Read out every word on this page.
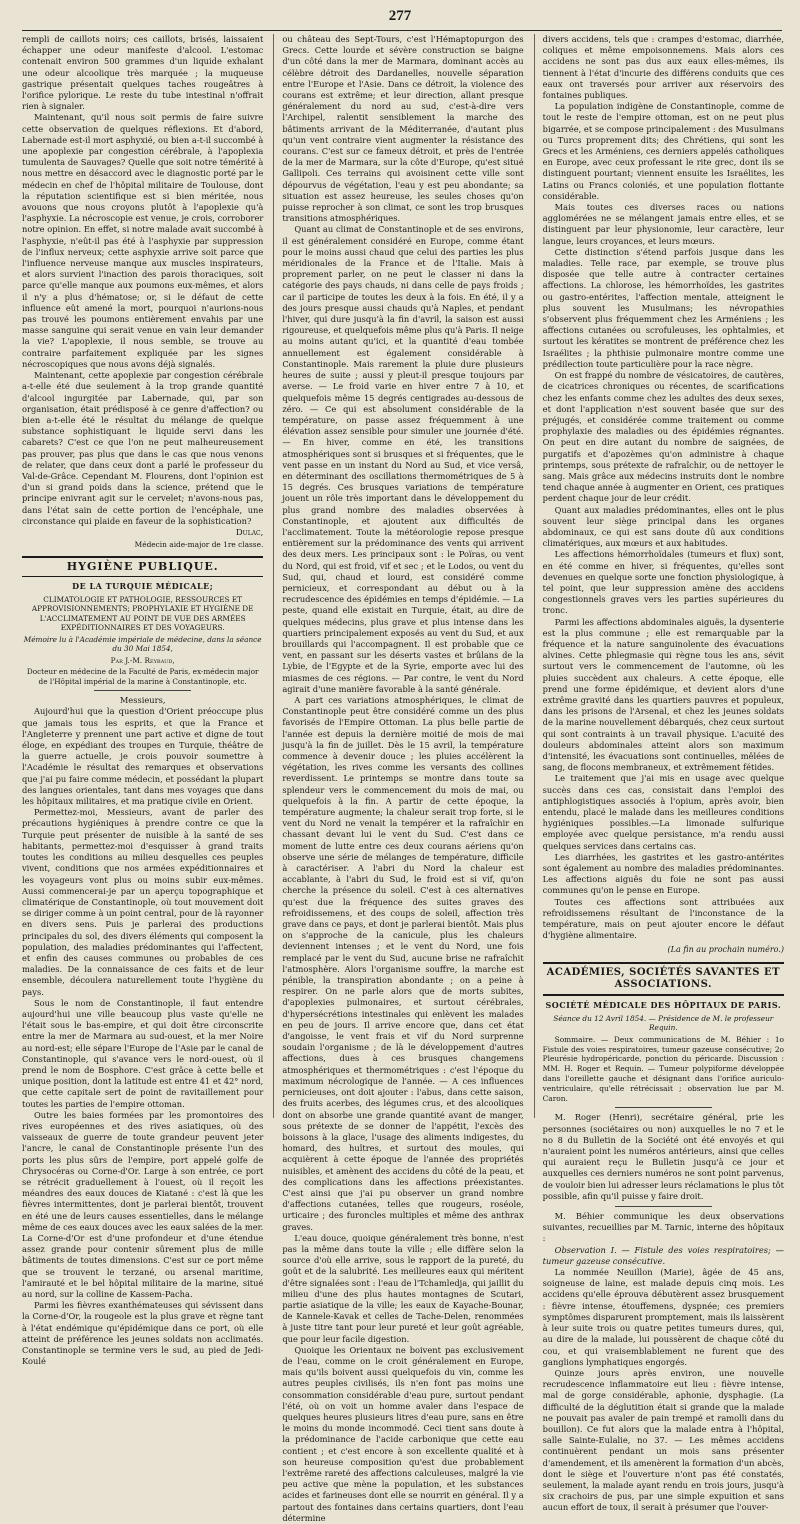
277

rempli de caillots noirs; ces caillots, brisés, laissaient échapper une odeur manifeste d'alcool. L'estomac contenait environ 500 grammes d'un liquide exhalant une odeur alcoolique très marquée ; la muqueuse gastrique présentait quelques taches rougeâtres à l'orifice pylorique. Le reste du tube intestinal n'offrait rien à signaler.

Maintenant, qu'il nous soit permis de faire suivre cette observation de quelques réflexions. Et d'abord, Labernade est-il mort asphyxié, ou bien a-t-il succombé à une apoplexie par congestion cérébrale, à l'apoplexia tumulenta de Sauvages? Quelle que soit notre témérité à nous mettre en désaccord avec le diagnostic porté par le médecin en chef de l'hôpital militaire de Toulouse, dont la réputation scientifique est si bien méritée, nous avouons que nous croyons plutôt à l'apoplexie qu'à l'asphyxie. La nécroscopie est venue, je crois, corroborer notre opinion. En effet, si notre malade avait succombé à l'asphyxie, n'eût-il pas été à l'asphyxie par suppression de l'influx nerveux; cette asphyxie arrive soit parce que l'influence nerveuse manque aux muscles inspirateurs, et alors survient l'inaction des parois thoraciques, soit parce qu'elle manque aux poumons eux-mêmes, et alors il n'y a plus d'hématose; or, si le défaut de cette influence eût amené la mort, pourquoi n'aurions-nous pas trouvé les poumons entièrement envahis par une masse sanguine qui serait venue en vain leur demander la vie? L'apoplexie, il nous semble, se trouve au contraire parfaitement expliquée par les signes nécroscopiques que nous avons déjà signalés.

Maintenant, cette apoplexie par congestion cérébrale a-t-elle été due seulement à la trop grande quantité d'alcool ingurgitée par Labernade, qui, par son organisation, était prédisposé à ce genre d'affection? ou bien a-t-elle été le résultat du mélange de quelque substance sophistiquant le liquide servi dans les cabarets? C'est ce que l'on ne peut malheureusement pas prouver, pas plus que dans le cas que nous venons de relater, que dans ceux dont a parlé le professeur du Val-de-Grâce. Cependant M. Flourens, dont l'opinion est d'un si grand poids dans la science, prétend que le principe enivrant agit sur le cervelet; n'avons-nous pas, dans l'état sain de cette portion de l'encéphale, une circonstance qui plaide en faveur de la sophistication?

Dulac,

Médecin aide-major de 1re classe.

HYGIÈNE PUBLIQUE.
DE LA TURQUIE MÉDICALE;
CLIMATOLOGIE ET PATHOLOGIE, RESSOURCES ET APPROVISIONNEMENTS; PROPHYLAXIE ET HYGIÈNE DE L'ACCLIMATEMENT AU POINT DE VUE DES ARMÉES EXPÉDITIONNAIRES ET DES VOYAGEURS.
Mémoire lu à l'Académie impériale de médecine, dans la séance du 30 Mai 1854,
Par J.-M. Reybaud,
Docteur en médecine de la Faculté de Paris, ex-médecin major de l'Hôpital impérial de la marine à Constantinople, etc.

Messieurs,

Aujourd'hui que la question d'Orient préoccupe plus que jamais tous les esprits, et que la France et l'Angleterre y prennent une part active et digne de tout éloge, en expédiant des troupes en Turquie, théâtre de la guerre actuelle, je crois pouvoir soumettre à l'Académie le résultat des remarques et observations que j'ai pu faire comme médecin, et possédant la plupart des langues orientales, tant dans mes voyages que dans les hôpitaux militaires, et ma pratique civile en Orient.

Permettez-moi, Messieurs, avant de parler des précautions hygiéniques à prendre contre ce que la Turquie peut présenter de nuisible à la santé de ses habitants, permettez-moi d'esquisser à grand traits toutes les conditions au milieu desquelles ces peuples vivent, conditions que nos armées expéditionnaires et les voyageurs vont plus ou moins subir eux-mêmes. Aussi commencerai-je par un aperçu topographique et climatérique de Constantinople, où tout mouvement doit se diriger comme à un point central, pour de là rayonner en divers sens. Puis je parlerai des productions principales du sol, des divers éléments qui composent la population, des maladies prédominantes qui l'affectent, et enfin des causes communes ou probables de ces maladies. De la connaissance de ces faits et de leur ensemble, découlera naturellement toute l'hygiène du pays.

Sous le nom de Constantinople, il faut entendre aujourd'hui une ville beaucoup plus vaste qu'elle ne l'était sous le bas-empire, et qui doit être circonscrite entre la mer de Marmara au sud-ouest, et la mer Noire au nord-est; elle sépare l'Europe de l'Asie par le canal de Constantinople, qui s'avance vers le nord-ouest, où il prend le nom de Bosphore. C'est grâce à cette belle et unique position, dont la latitude est entre 41 et 42° nord, que cette capitale sert de point de ravitaillement pour toutes les parties de l'empire ottoman.

Outre les baies formées par les promontoires des rives européennes et des rives asiatiques, où des vaisseaux de guerre de toute grandeur peuvent jeter l'ancre, le canal de Constantinople présente l'un des ports les plus sûrs de l'empire, port appelé golfe de Chrysocéras ou Corne-d'Or. Large à son entrée, ce port se rétrécit graduellement à l'ouest, où il reçoit les méandres des eaux douces de Kiatané : c'est là que les fièvres intermittentes, dont je parlerai bientôt, trouvent en été une de leurs causes essentielles, dans le mélange même de ces eaux douces avec les eaux salées de la mer. La Corne-d'Or est d'une profondeur et d'une étendue assez grande pour contenir sûrement plus de mille bâtiments de toutes dimensions. C'est sur ce port même que se trouvent le terzané, ou arsenal maritime, l'amirauté et le bel hôpital militaire de la marine, situé au nord, sur la colline de Kassem-Pacha.

Parmi les fièvres exanthémateuses qui sévissent dans la Corne-d'Or, la rougeole est la plus grave et règne tant à l'état endémique qu'épidémique dans ce port, où elle atteint de préférence les jeunes soldats non acclimatés. Constantinople se termine vers le sud, au pied de Jedi-Koulé

ou château des Sept-Tours, c'est l'Hémaptopurgon des Grecs. Cette lourde et sévère construction se baigne d'un côté dans la mer de Marmara, dominant accès au célèbre détroit des Dardanelles, nouvelle séparation entre l'Europe et l'Asie. Dans ce détroit, la violence des courans est extrême; et leur direction, allant presque généralement du nord au sud, c'est-à-dire vers l'Archipel, ralentit sensiblement la marche des bâtiments arrivant de la Méditerranée, d'autant plus qu'un vent contraire vient augmenter la résistance des courans. C'est sur ce fameux détroit, et près de l'entrée de la mer de Marmara, sur la côte d'Europe, qu'est situé Gallipoli. Ces terrains qui avoisinent cette ville sont dépourvus de végétation, l'eau y est peu abondante; sa situation est assez heureuse, les seules choses qu'on puisse reprocher à son climat, ce sont les trop brusques transitions atmosphériques.

Quant au climat de Constantinople et de ses environs, il est généralement considéré en Europe, comme étant pour le moins aussi chaud que celui des parties les plus méridionales de la France et de l'Italie. Mais à proprement parler, on ne peut le classer ni dans la catégorie des pays chauds, ni dans celle de pays froids ; car il participe de toutes les deux à la fois. En été, il y a des jours presque aussi chauds qu'à Naples, et pendant l'hiver, qui dure jusqu'à la fin d'avril, la saison est aussi rigoureuse, et quelquefois même plus qu'à Paris. Il neige au moins autant qu'ici, et la quantité d'eau tombée annuellement est également considérable à Constantinople. Mais rarement la pluie dure plusieurs heures de suite ; aussi y pleut-il presque toujours par averse. — Le froid varie en hiver entre 7 à 10, et quelquefois même 15 degrés centigrades au-dessous de zéro. — Ce qui est absolument considérable de la température, on passe assez fréquemment à une élévation assez sensible pour simuler une journée d'été. — En hiver, comme en été, les transitions atmosphériques sont si brusques et si fréquentes, que le vent passe en un instant du Nord au Sud, et vice versâ, en déterminant des oscillations thermométriques de 5 à 15 degrés. Ces brusques variations de température jouent un rôle très important dans le développement du plus grand nombre des maladies observées à Constantinople, et ajoutent aux difficultés de l'acclimatement. Toute la météorologie repose presque entièrement sur la prédominance des vents qui arrivent des deux mers. Les principaux sont : le Poïras, ou vent du Nord, qui est froid, vif et sec ; et le Lodos, ou vent du Sud, qui, chaud et lourd, est considéré comme pernicieux, et correspondant au début ou à la recrudescence des épidémies en temps d'épidémie. — La peste, quand elle existait en Turquie, était, au dire de quelques médecins, plus grave et plus intense dans les quartiers principalement exposés au vent du Sud, et aux brouillards qui l'accompagnent. Il est probable que ce vent, en passant sur les déserts vastes et brûlans de la Lybie, de l'Egypte et de la Syrie, emporte avec lui des miasmes de ces régions. — Par contre, le vent du Nord agirait d'une manière favorable à la santé générale.

A part ces variations atmosphériques, le climat de Constantinople peut être considéré comme un des plus favorisés de l'Empire Ottoman. La plus belle partie de l'année est depuis la dernière moitié de mois de mai jusqu'à la fin de juillet. Dès le 15 avril, la température commence à devenir douce ; les pluies accélèrent la végétation, les rives comme les versants des collines reverdissent. Le printemps se montre dans toute sa splendeur vers le commencement du mois de mai, ou quelquefois à la fin. A partir de cette époque, la température augmente; la chaleur serait trop forte, si le vent du Nord ne venait la tempérer et la rafraîchir en chassant devant lui le vent du Sud. C'est dans ce moment de lutte entre ces deux courans aériens qu'on observe une série de mélanges de température, difficile à caractériser. A l'abri du Nord la chaleur est accablante, à l'abri du Sud, le froid est si vif, qu'on cherche la présence du soleil. C'est à ces alternatives qu'est due la fréquence des suites graves des refroidissemens, et des coups de soleil, affection très grave dans ce pays, et dont je parlerai bientôt. Mais plus on s'approche de la canicule, plus les chaleurs deviennent intenses ; et le vent du Nord, une fois remplacé par le vent du Sud, aucune brise ne rafraîchit l'atmosphère. Alors l'organisme souffre, la marche est pénible, la transpiration abondante ; on a peine à respirer. On ne parle alors que de morts subites, d'apoplexies pulmonaires, et surtout cérébrales, d'hypersécrétions intestinales qui enlèvent les malades en peu de jours. Il arrive encore que, dans cet état d'angoisse, le vent frais et vif du Nord surprenne soudain l'organisme ; de là le développement d'autres affections, dues à ces brusques changemens atmosphériques et thermométriques : c'est l'époque du maximum nécrologique de l'année. — A ces influences pernicieuses, ont doit ajouter : l'abus, dans cette saison, des fruits acerbes, des légumes crus, et des alcooliques dont on absorbe une grande quantité avant de manger, sous prétexte de se donner de l'appétit, l'excès des boissons à la glace, l'usage des aliments indigestes, du homard, des huîtres, et surtout des moules, qui acquièrent à cette époque de l'année des propriétés nuisibles, et amènent des accidens du côté de la peau, et des complications dans les affections préexistantes. C'est ainsi que j'ai pu observer un grand nombre d'affections cutanées, telles que rougeurs, roséole, urticaire ; des furoncles multiples et même des anthrax graves.

L'eau douce, quoique généralement très bonne, n'est pas la même dans toute la ville ; elle diffère selon la source d'où elle arrive, sous le rapport de la pureté, du goût et de la salubrité. Les meilleures eaux qui méritent d'être signalées sont : l'eau de l'Tchamledja, qui jaillit du milieu d'une des plus hautes montagnes de Scutari, partie asiatique de la ville; les eaux de Kayache-Bounar, de Kannele-Kavak et celles de Tache-Delen, renommées à juste titre tant pour leur pureté et leur goût agréable, que pour leur facile digestion.

Quoique les Orientaux ne boivent pas exclusivement de l'eau, comme on le croit généralement en Europe, mais qu'ils boivent aussi quelquefois du vin, comme les autres peuples civilisés, ils n'en font pas moins une consommation considérable d'eau pure, surtout pendant l'été, où on voit un homme avaler dans l'espace de quelques heures plusieurs litres d'eau pure, sans en être le moins du monde incommodé. Ceci tient sans doute à la prédominance de l'acide carbonique que cette eau contient ; et c'est encore à son excellente qualité et à son heureuse composition qu'est due probablement l'extrême rareté des affections calculeuses, malgré la vie peu active que mène la population, et les substances acides et farineuses dont elle se nourrit en général. Il y a partout des fontaines dans certains quartiers, dont l'eau détermine

divers accidens, tels que : crampes d'estomac, diarrhée, coliques et même empoisonnemens. Mais alors ces accidens ne sont pas dus aux eaux elles-mêmes, ils tiennent à l'état d'incurie des différens conduits que ces eaux ont traversés pour arriver aux réservoirs des fontaines publiques.

La population indigène de Constantinople, comme de tout le reste de l'empire ottoman, est on ne peut plus bigarrée, et se compose principalement : des Musulmans ou Turcs proprement dits; des Chrétiens, qui sont les Grecs et les Arméniens, ces derniers appelés catholiques en Europe, avec ceux professant le rite grec, dont ils se distinguent pourtant; viennent ensuite les Israélites, les Latins ou Francs coloniés, et une population flottante considérable.

Mais toutes ces diverses races ou nations agglomérées ne se mélangent jamais entre elles, et se distinguent par leur physionomie, leur caractère, leur langue, leurs croyances, et leurs mœurs.

Cette distinction s'étend parfois jusque dans les maladies. Telle race, par exemple, se trouve plus disposée que telle autre à contracter certaines affections. La chlorose, les hémorrhoïdes, les gastrites ou gastro-entérites, l'affection mentale, atteignent le plus souvent les Musulmans; les névropathies s'observent plus fréquemment chez les Arméniens ; les affections cutanées ou scrofuleuses, les ophtalmies, et surtout les kératites se montrent de préférence chez les Israélites ; la phthisie pulmonaire montre comme une prédilection toute particulière pour la race nègre.

On est frappé du nombre de vésicatoires, de cautères, de cicatrices chroniques ou récentes, de scarifications chez les enfants comme chez les adultes des deux sexes, et dont l'application n'est souvent basée que sur des préjugés, et considérée comme traitement ou comme prophylaxie des maladies ou des épidémies régnantes. On peut en dire autant du nombre de saignées, de purgatifs et d'apozèmes qu'on administre à chaque printemps, sous prétexte de rafraîchir, ou de nettoyer le sang. Mais grâce aux médecins instruits dont le nombre tend chaque année à augmenter en Orient, ces pratiques perdent chaque jour de leur crédit.

Quant aux maladies prédominantes, elles ont le plus souvent leur siège principal dans les organes abdominaux, ce qui est sans doute dû aux conditions climatériques, aux mœurs et aux habitudes.

Les affections hémorrhoïdales (tumeurs et flux) sont, en été comme en hiver, si fréquentes, qu'elles sont devenues en quelque sorte une fonction physiologique, à tel point, que leur suppression amène des accidens congestionnels graves vers les parties supérieures du tronc.

Parmi les affections abdominales aiguës, la dysenterie est la plus commune ; elle est remarquable par la fréquence et la nature sanguinolente des évacuations alvines. Cette phlegmasie qui règne tous les ans, sévit surtout vers le commencement de l'automne, où les pluies succèdent aux chaleurs. A cette époque, elle prend une forme épidémique, et devient alors d'une extrême gravité dans les quartiers pauvres et populeux, dans les prisons de l'Arsenal, et chez les jeunes soldats de la marine nouvellement débarqués, chez ceux surtout qui sont contraints à un travail physique. L'acuité des douleurs abdominales atteint alors son maximum d'intensité, les évacuations sont continuelles, mêlées de sang, de flocons membraneux, et extrêmement fétides.

Le traitement que j'ai mis en usage avec quelque succès dans ces cas, consistait dans l'emploi des antiphlogistiques associés à l'opium, après avoir, bien entendu, placé le malade dans les meilleures conditions hygiéniques possibles.—La limonade sulfurique employée avec quelque persistance, m'a rendu aussi quelques services dans certains cas.

Les diarrhées, les gastrites et les gastro-antérites sont également au nombre des maladies prédominantes. Les affections aiguës du foie ne sont pas aussi communes qu'on le pense en Europe.

Toutes ces affections sont attribuées aux refroidissemens résultant de l'inconstance de la température, mais on peut ajouter encore le défaut d'hygiène alimentaire.

(La fin au prochain numéro.)

ACADÉMIES, SOCIÉTÉS SAVANTES ET ASSOCIATIONS.
SOCIÉTÉ MÉDICALE DES HÔPITAUX DE PARIS.
Séance du 12 Avril 1854. — Présidence de M. le professeur Requin.

Sommaire. — Deux communications de M. Béhier : 1o Fistule des voies respiratoires, tumeur gazeuse consécutive; 2o Pleurésie hydropéricarde, ponction du péricarde. Discussion : MM. H. Roger et Requin. — Tumeur polypiforme développée dans l'oreillette gauche et désignant dans l'orifice auriculo-ventriculaire, qu'elle rétrécissait ; observation lue par M. Caron.

M. Roger (Henri), secrétaire général, prie les personnes (sociétaires ou non) auxquelles le no 7 et le no 8 du Bulletin de la Société ont été envoyés et qui n'auraient point les numéros antérieurs, ainsi que celles qui auraient reçu le Bulletin jusqu'à ce jour et auxquelles ces derniers numéros ne sont point parvenus, de vouloir bien lui adresser leurs réclamations le plus tôt possible, afin qu'il puisse y faire droit.

M. Béhier communique les deux observations suivantes, recueillies par M. Tarnic, interne des hôpitaux :

Observation I. — Fistule des voies respiratoires; — tumeur gazeuse consécutive.

La nommée Neuillon (Marie), âgée de 45 ans, soigneuse de laine, est malade depuis cinq mois. Les accidens qu'elle éprouva débutèrent assez brusquement : fièvre intense, étouffemens, dyspnée; ces premiers symptômes disparurent promptement, mais ils laissèrent à leur suite trois ou quatre petites tumeurs dures, qui, au dire de la malade, lui poussèrent de chaque côté du cou, et qui vraisemblablement ne furent que des ganglions lymphatiques engorgés.

Quinze jours après environ, une nouvelle recrudescence inflammatoire eut lieu : fièvre intense, mal de gorge considérable, aphonie, dysphagie. (La difficulté de la déglutition était si grande que la malade ne pouvait pas avaler de pain trempé et ramolli dans du bouillon). Ce fut alors que la malade entra à l'hôpital, salle Sainte-Eulalie, no 37. — Les mêmes accidens continuèrent pendant un mois sans présenter d'amendement, et ils amenèrent la formation d'un abcès, dont le siège et l'ouverture n'ont pas été constatés, seulement, la malade ayant rendu en trois jours, jusqu'à six crachoirs de pus, par une simple expuition et sans aucun effort de toux, il serait à présumer que l'ouver-
